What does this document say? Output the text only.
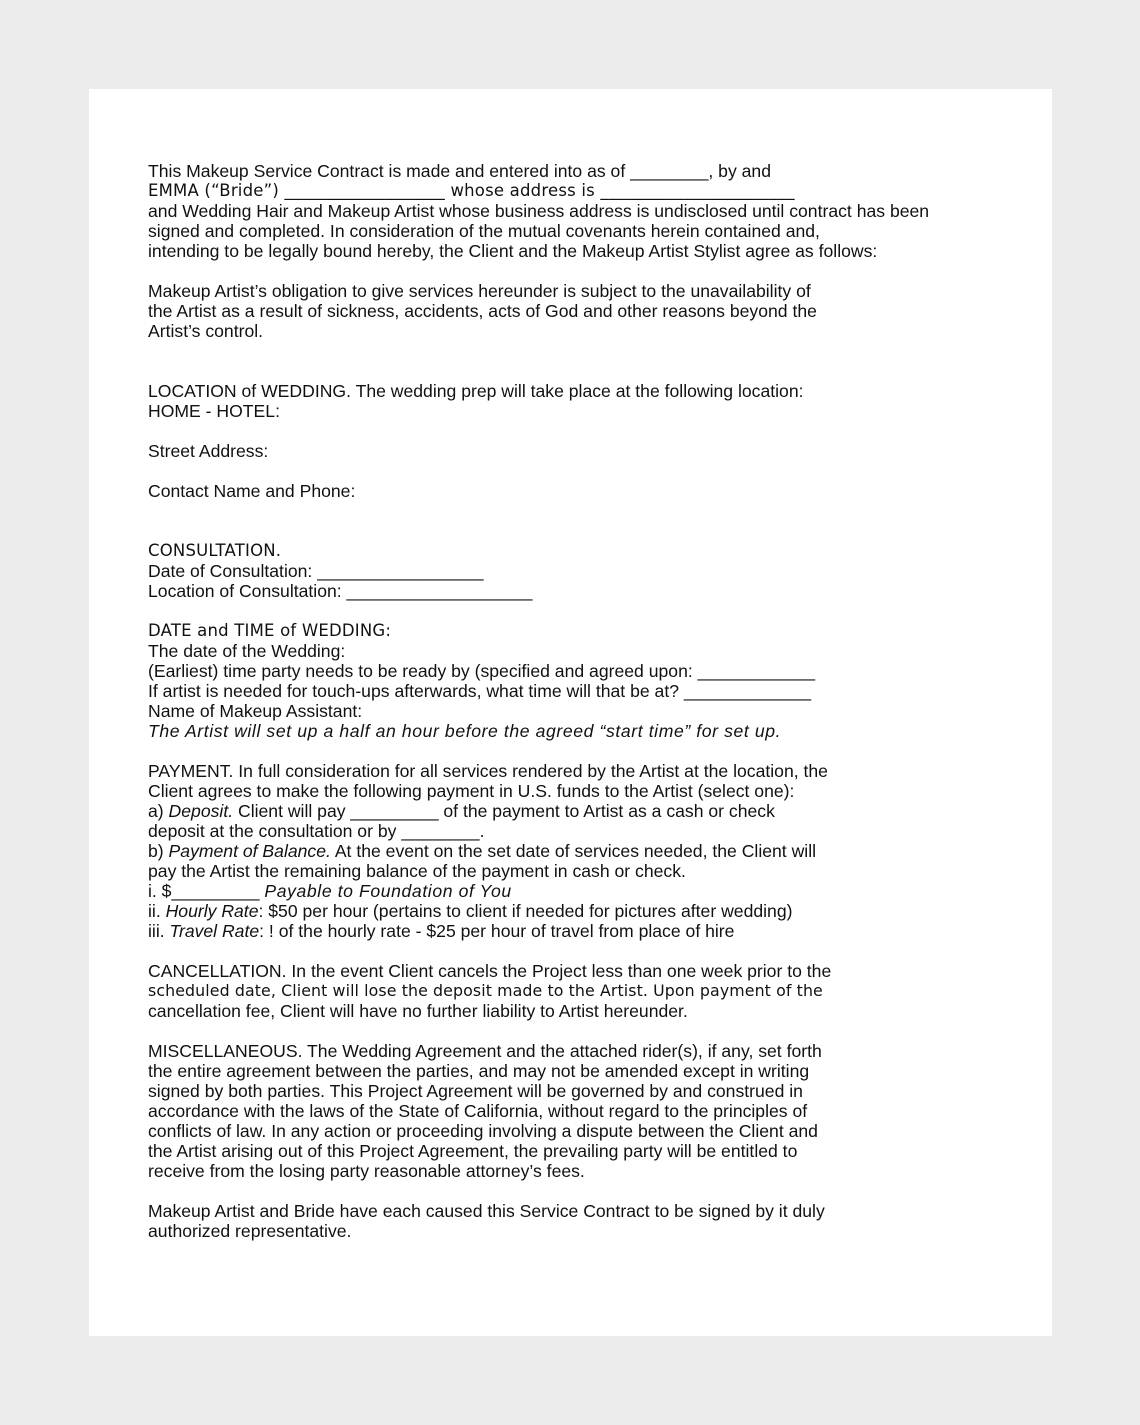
This Makeup Service Contract is made and entered into as of ________, by and
EMMA (“Bride”) ___________________ whose address is _______________________
and Wedding Hair and Makeup Artist whose business address is undisclosed until contract has been
signed and completed. In consideration of the mutual covenants herein contained and,
intending to be legally bound hereby, the Client and the Makeup Artist Stylist agree as follows:
Makeup Artist’s obligation to give services hereunder is subject to the unavailability of
the Artist as a result of sickness, accidents, acts of God and other reasons beyond the
Artist’s control.
LOCATION of WEDDING. The wedding prep will take place at the following location:
HOME - HOTEL:
Street Address:
Contact Name and Phone:
CONSULTATION.
Date of Consultation: _________________
Location of Consultation: ___________________
DATE and TIME of WEDDING:
The date of the Wedding:
(Earliest) time party needs to be ready by (specified and agreed upon: ____________
If artist is needed for touch-ups afterwards, what time will that be at? _____________
Name of Makeup Assistant:
The Artist will set up a half an hour before the agreed “start time” for set up.
PAYMENT. In full consideration for all services rendered by the Artist at the location, the
Client agrees to make the following payment in U.S. funds to the Artist (select one):
a) Deposit. Client will pay _________ of the payment to Artist as a cash or check
deposit at the consultation or by ________.
b) Payment of Balance. At the event on the set date of services needed, the Client will
pay the Artist the remaining balance of the payment in cash or check.
i. $_________ Payable to Foundation of You
ii. Hourly Rate: $50 per hour (pertains to client if needed for pictures after wedding)
iii. Travel Rate: ! of the hourly rate - $25 per hour of travel from place of hire
CANCELLATION. In the event Client cancels the Project less than one week prior to the
scheduled date, Client will lose the deposit made to the Artist. Upon payment of the
cancellation fee, Client will have no further liability to Artist hereunder.
MISCELLANEOUS. The Wedding Agreement and the attached rider(s), if any, set forth
the entire agreement between the parties, and may not be amended except in writing
signed by both parties. This Project Agreement will be governed by and construed in
accordance with the laws of the State of California, without regard to the principles of
conflicts of law. In any action or proceeding involving a dispute between the Client and
the Artist arising out of this Project Agreement, the prevailing party will be entitled to
receive from the losing party reasonable attorney’s fees.
Makeup Artist and Bride have each caused this Service Contract to be signed by it duly
authorized representative.
